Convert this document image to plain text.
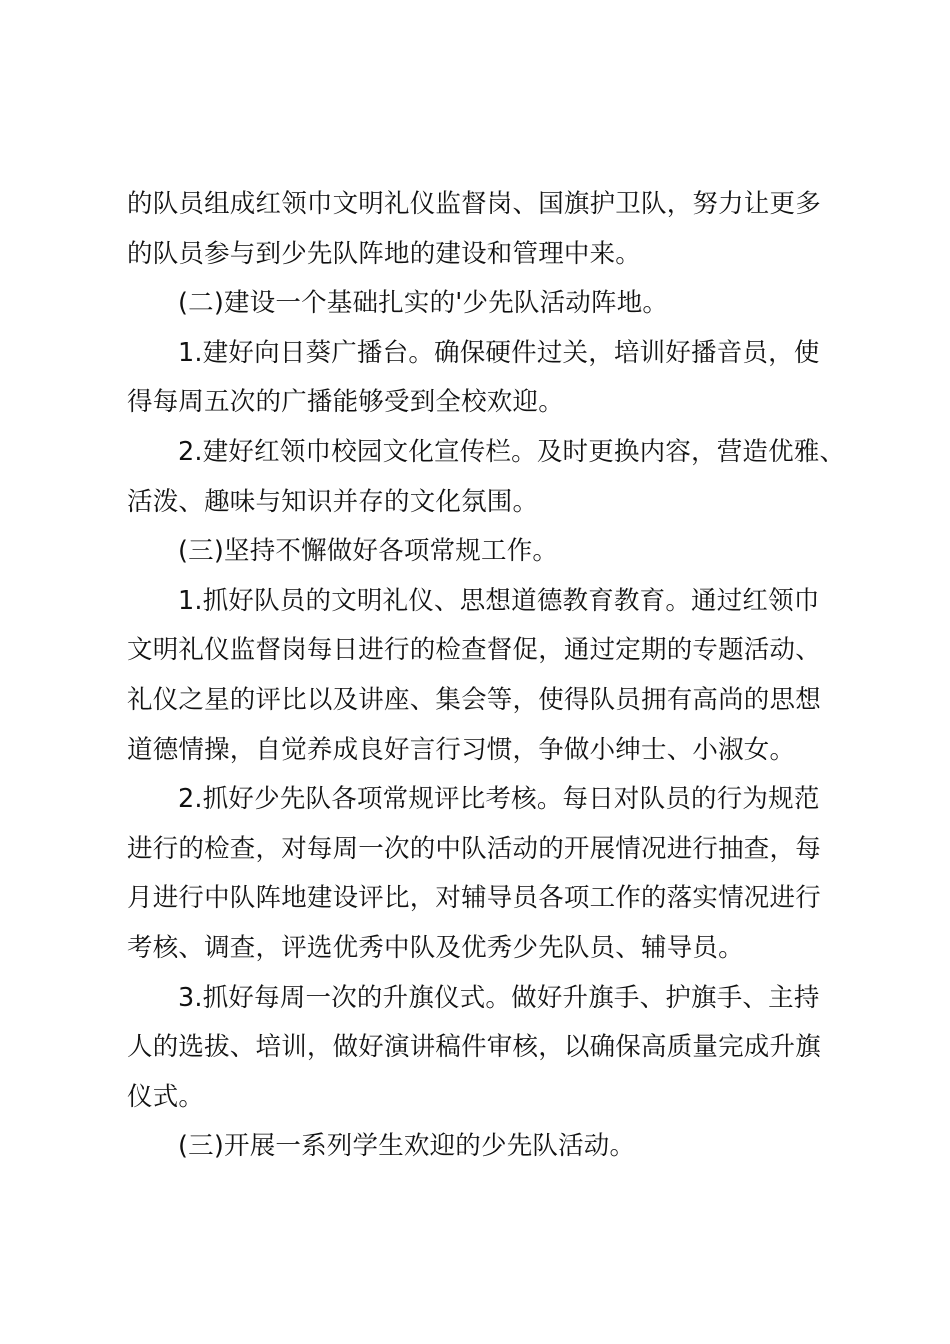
的队员组成红领巾文明礼仪监督岗、国旗护卫队，努力让更多
的队员参与到少先队阵地的建设和管理中来。
(二)建设一个基础扎实的'少先队活动阵地。
1.建好向日葵广播台。确保硬件过关，培训好播音员，使
得每周五次的广播能够受到全校欢迎。
2.建好红领巾校园文化宣传栏。及时更换内容，营造优雅、
活泼、趣味与知识并存的文化氛围。
(三)坚持不懈做好各项常规工作。
1.抓好队员的文明礼仪、思想道德教育教育。通过红领巾
文明礼仪监督岗每日进行的检查督促，通过定期的专题活动、
礼仪之星的评比以及讲座、集会等，使得队员拥有高尚的思想
道德情操，自觉养成良好言行习惯，争做小绅士、小淑女。
2.抓好少先队各项常规评比考核。每日对队员的行为规范
进行的检查，对每周一次的中队活动的开展情况进行抽查，每
月进行中队阵地建设评比，对辅导员各项工作的落实情况进行
考核、调查，评选优秀中队及优秀少先队员、辅导员。
3.抓好每周一次的升旗仪式。做好升旗手、护旗手、主持
人的选拔、培训，做好演讲稿件审核，以确保高质量完成升旗
仪式。
(三)开展一系列学生欢迎的少先队活动。
